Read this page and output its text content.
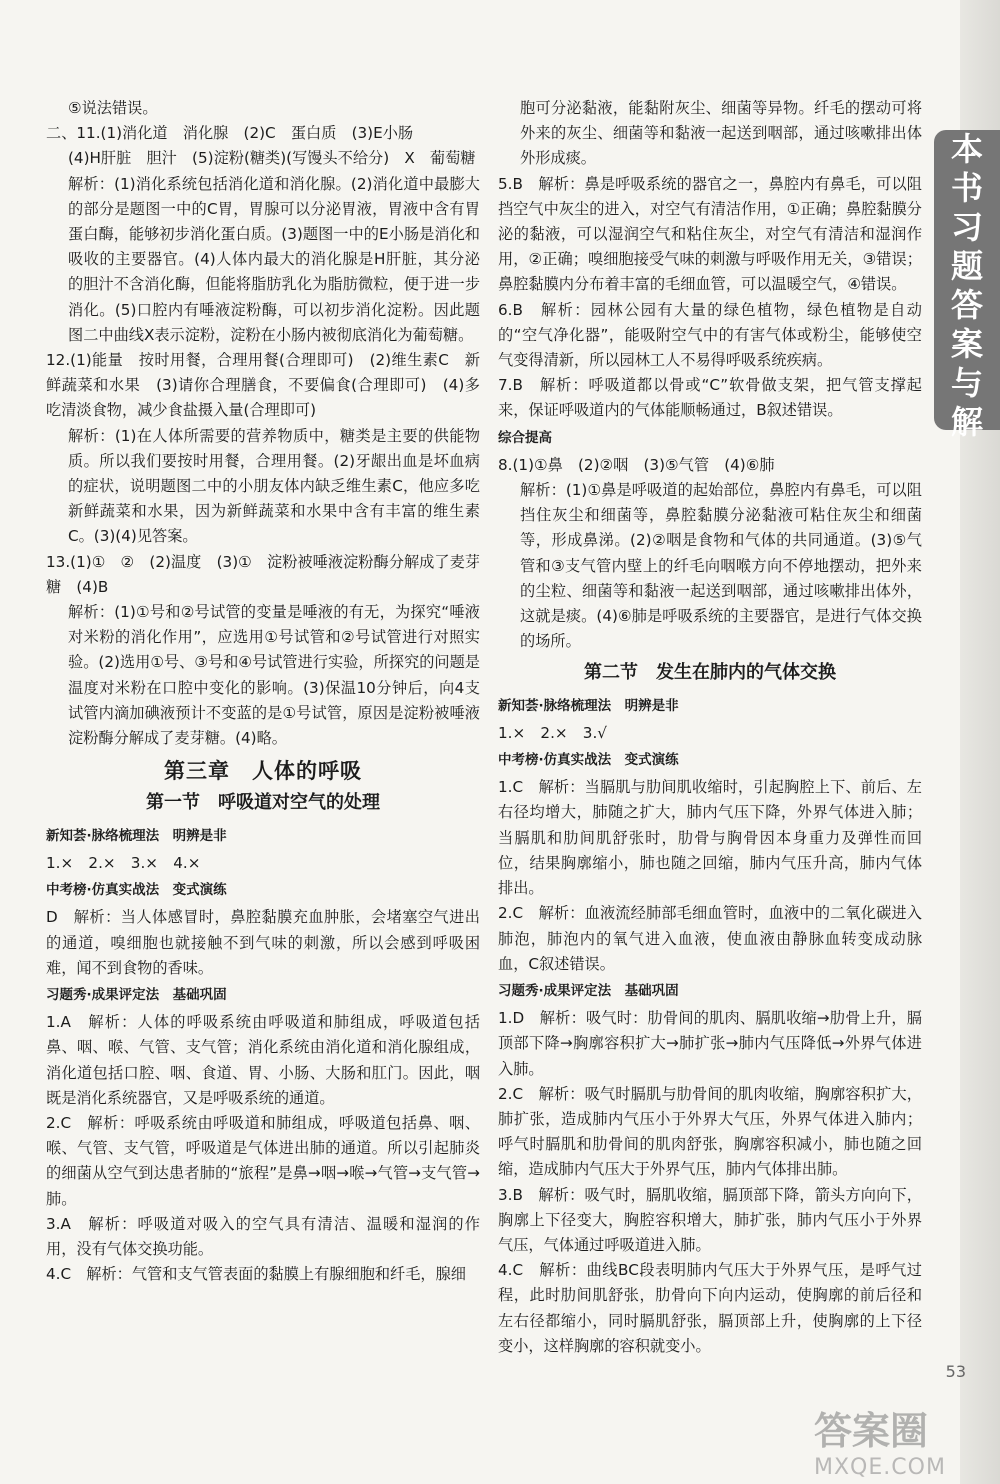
本
书
习
题
答
案
与
解

⑤说法错误。

二、11.(1)消化道　消化腺　(2)C　蛋白质　(3)E小肠

(4)H肝脏　胆汁　(5)淀粉(糖类)(写馒头不给分)　X　葡萄糖

解析：(1)消化系统包括消化道和消化腺。(2)消化道中最膨大的部分是题图一中的C胃，胃腺可以分泌胃液，胃液中含有胃蛋白酶，能够初步消化蛋白质。(3)题图一中的E小肠是消化和吸收的主要器官。(4)人体内最大的消化腺是H肝脏，其分泌的胆汁不含消化酶，但能将脂肪乳化为脂肪微粒，便于进一步消化。(5)口腔内有唾液淀粉酶，可以初步消化淀粉。因此题图二中曲线X表示淀粉，淀粉在小肠内被彻底消化为葡萄糖。

12.(1)能量　按时用餐，合理用餐(合理即可)　(2)维生素C　新鲜蔬菜和水果　(3)请你合理膳食，不要偏食(合理即可)　(4)多吃清淡食物，减少食盐摄入量(合理即可)

解析：(1)在人体所需要的营养物质中，糖类是主要的供能物质。所以我们要按时用餐，合理用餐。(2)牙龈出血是坏血病的症状，说明题图二中的小朋友体内缺乏维生素C，他应多吃新鲜蔬菜和水果，因为新鲜蔬菜和水果中含有丰富的维生素C。(3)(4)见答案。

13.(1)①　②　(2)温度　(3)①　淀粉被唾液淀粉酶分解成了麦芽糖　(4)B

解析：(1)①号和②号试管的变量是唾液的有无，为探究“唾液对米粉的消化作用”，应选用①号试管和②号试管进行对照实验。(2)选用①号、③号和④号试管进行实验，所探究的问题是温度对米粉在口腔中变化的影响。(3)保温10分钟后，向4支试管内滴加碘液预计不变蓝的是①号试管，原因是淀粉被唾液淀粉酶分解成了麦芽糖。(4)略。

第三章　人体的呼吸
第一节　呼吸道对空气的处理
新知荟·脉络梳理法　明辨是非

1.×　2.×　3.×　4.×

中考榜·仿真实战法　变式演练

D　解析：当人体感冒时，鼻腔黏膜充血肿胀，会堵塞空气进出的通道，嗅细胞也就接触不到气味的刺激，所以会感到呼吸困难，闻不到食物的香味。

习题秀·成果评定法　基础巩固

1.A　解析：人体的呼吸系统由呼吸道和肺组成，呼吸道包括鼻、咽、喉、气管、支气管；消化系统由消化道和消化腺组成，消化道包括口腔、咽、食道、胃、小肠、大肠和肛门。因此，咽既是消化系统器官，又是呼吸系统的通道。

2.C　解析：呼吸系统由呼吸道和肺组成，呼吸道包括鼻、咽、喉、气管、支气管，呼吸道是气体进出肺的通道。所以引起肺炎的细菌从空气到达患者肺的“旅程”是鼻→咽→喉→气管→支气管→肺。

3.A　解析：呼吸道对吸入的空气具有清洁、温暖和湿润的作用，没有气体交换功能。

4.C　解析：气管和支气管表面的黏膜上有腺细胞和纤毛，腺细

胞可分泌黏液，能黏附灰尘、细菌等异物。纤毛的摆动可将外来的灰尘、细菌等和黏液一起送到咽部，通过咳嗽排出体外形成痰。

5.B　解析：鼻是呼吸系统的器官之一，鼻腔内有鼻毛，可以阻挡空气中灰尘的进入，对空气有清洁作用，①正确；鼻腔黏膜分泌的黏液，可以湿润空气和粘住灰尘，对空气有清洁和湿润作用，②正确；嗅细胞接受气味的刺激与呼吸作用无关，③错误；鼻腔黏膜内分布着丰富的毛细血管，可以温暖空气，④错误。

6.B　解析：园林公园有大量的绿色植物，绿色植物是自动的“空气净化器”，能吸附空气中的有害气体或粉尘，能够使空气变得清新，所以园林工人不易得呼吸系统疾病。

7.B　解析：呼吸道都以骨或“C”软骨做支架，把气管支撑起来，保证呼吸道内的气体能顺畅通过，B叙述错误。

综合提高

8.(1)①鼻　(2)②咽　(3)⑤气管　(4)⑥肺

解析：(1)①鼻是呼吸道的起始部位，鼻腔内有鼻毛，可以阻挡住灰尘和细菌等，鼻腔黏膜分泌黏液可粘住灰尘和细菌等，形成鼻涕。(2)②咽是食物和气体的共同通道。(3)⑤气管和③支气管内壁上的纤毛向咽喉方向不停地摆动，把外来的尘粒、细菌等和黏液一起送到咽部，通过咳嗽排出体外，这就是痰。(4)⑥肺是呼吸系统的主要器官，是进行气体交换的场所。

第二节　发生在肺内的气体交换
新知荟·脉络梳理法　明辨是非

1.×　2.×　3.√

中考榜·仿真实战法　变式演练

1.C　解析：当膈肌与肋间肌收缩时，引起胸腔上下、前后、左右径均增大，肺随之扩大，肺内气压下降，外界气体进入肺；当膈肌和肋间肌舒张时，肋骨与胸骨因本身重力及弹性而回位，结果胸廓缩小，肺也随之回缩，肺内气压升高，肺内气体排出。

2.C　解析：血液流经肺部毛细血管时，血液中的二氧化碳进入肺泡，肺泡内的氧气进入血液，使血液由静脉血转变成动脉血，C叙述错误。

习题秀·成果评定法　基础巩固

1.D　解析：吸气时：肋骨间的肌肉、膈肌收缩→肋骨上升，膈顶部下降→胸廓容积扩大→肺扩张→肺内气压降低→外界气体进入肺。

2.C　解析：吸气时膈肌与肋骨间的肌肉收缩，胸廓容积扩大，肺扩张，造成肺内气压小于外界大气压，外界气体进入肺内；呼气时膈肌和肋骨间的肌肉舒张，胸廓容积减小，肺也随之回缩，造成肺内气压大于外界气压，肺内气体排出肺。

3.B　解析：吸气时，膈肌收缩，膈顶部下降，箭头方向向下，胸廓上下径变大，胸腔容积增大，肺扩张，肺内气压小于外界气压，气体通过呼吸道进入肺。

4.C　解析：曲线BC段表明肺内气压大于外界气压，是呼气过程，此时肋间肌舒张，肋骨向下向内运动，使胸廓的前后径和左右径都缩小，同时膈肌舒张，膈顶部上升，使胸廓的上下径变小，这样胸廓的容积就变小。

53
答案圈
MXQE.COM
